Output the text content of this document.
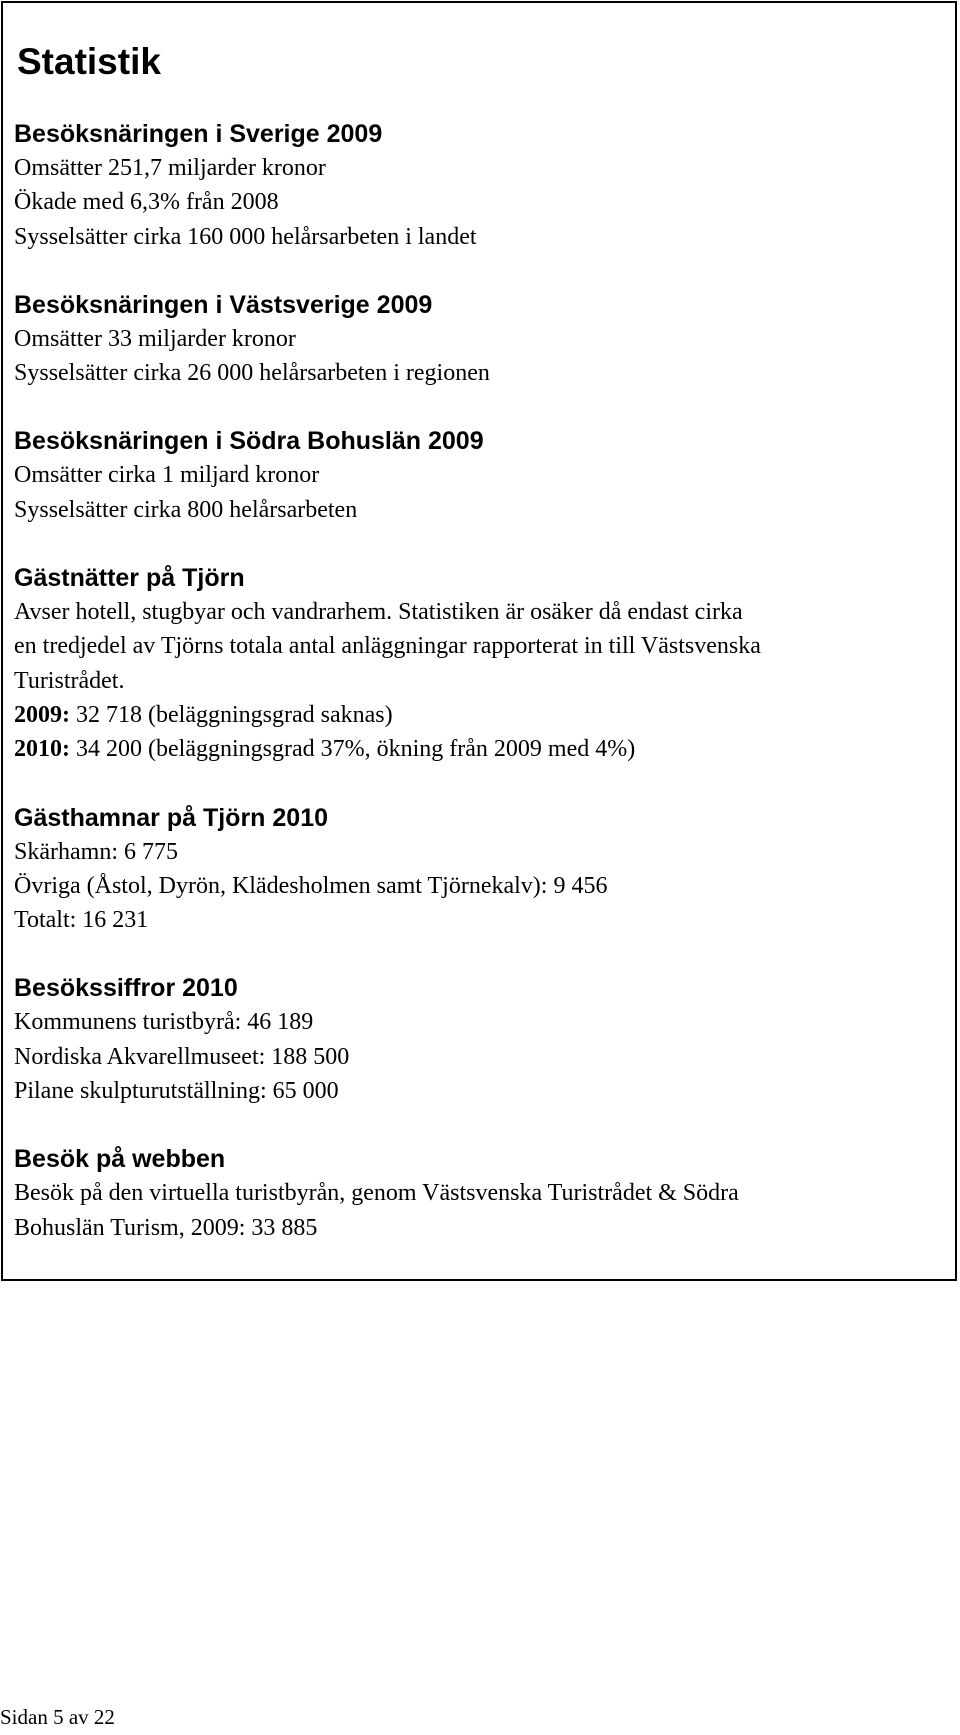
Statistik
Besöksnäringen i Sverige 2009
Omsätter 251,7 miljarder kronor
Ökade med 6,3% från 2008
Sysselsätter cirka 160 000 helårsarbeten i landet
Besöksnäringen i Västsverige 2009
Omsätter 33 miljarder kronor
Sysselsätter cirka 26 000 helårsarbeten i regionen
Besöksnäringen i Södra Bohuslän 2009
Omsätter cirka 1 miljard kronor
Sysselsätter cirka 800 helårsarbeten
Gästnätter på Tjörn
Avser hotell, stugbyar och vandrarhem. Statistiken är osäker då endast cirka
en tredjedel av Tjörns totala antal anläggningar rapporterat in till Västsvenska
Turistrådet.
2009: 32 718 (beläggningsgrad saknas)
2010: 34 200 (beläggningsgrad 37%, ökning från 2009 med 4%)
Gästhamnar på Tjörn 2010
Skärhamn: 6 775
Övriga (Åstol, Dyrön, Klädesholmen samt Tjörnekalv): 9 456
Totalt: 16 231
Besökssiffror 2010
Kommunens turistbyrå: 46 189
Nordiska Akvarellmuseet: 188 500
Pilane skulpturutställning: 65 000
Besök på webben
Besök på den virtuella turistbyrån, genom Västsvenska Turistrådet & Södra
Bohuslän Turism, 2009: 33 885
Sidan 5 av 22
